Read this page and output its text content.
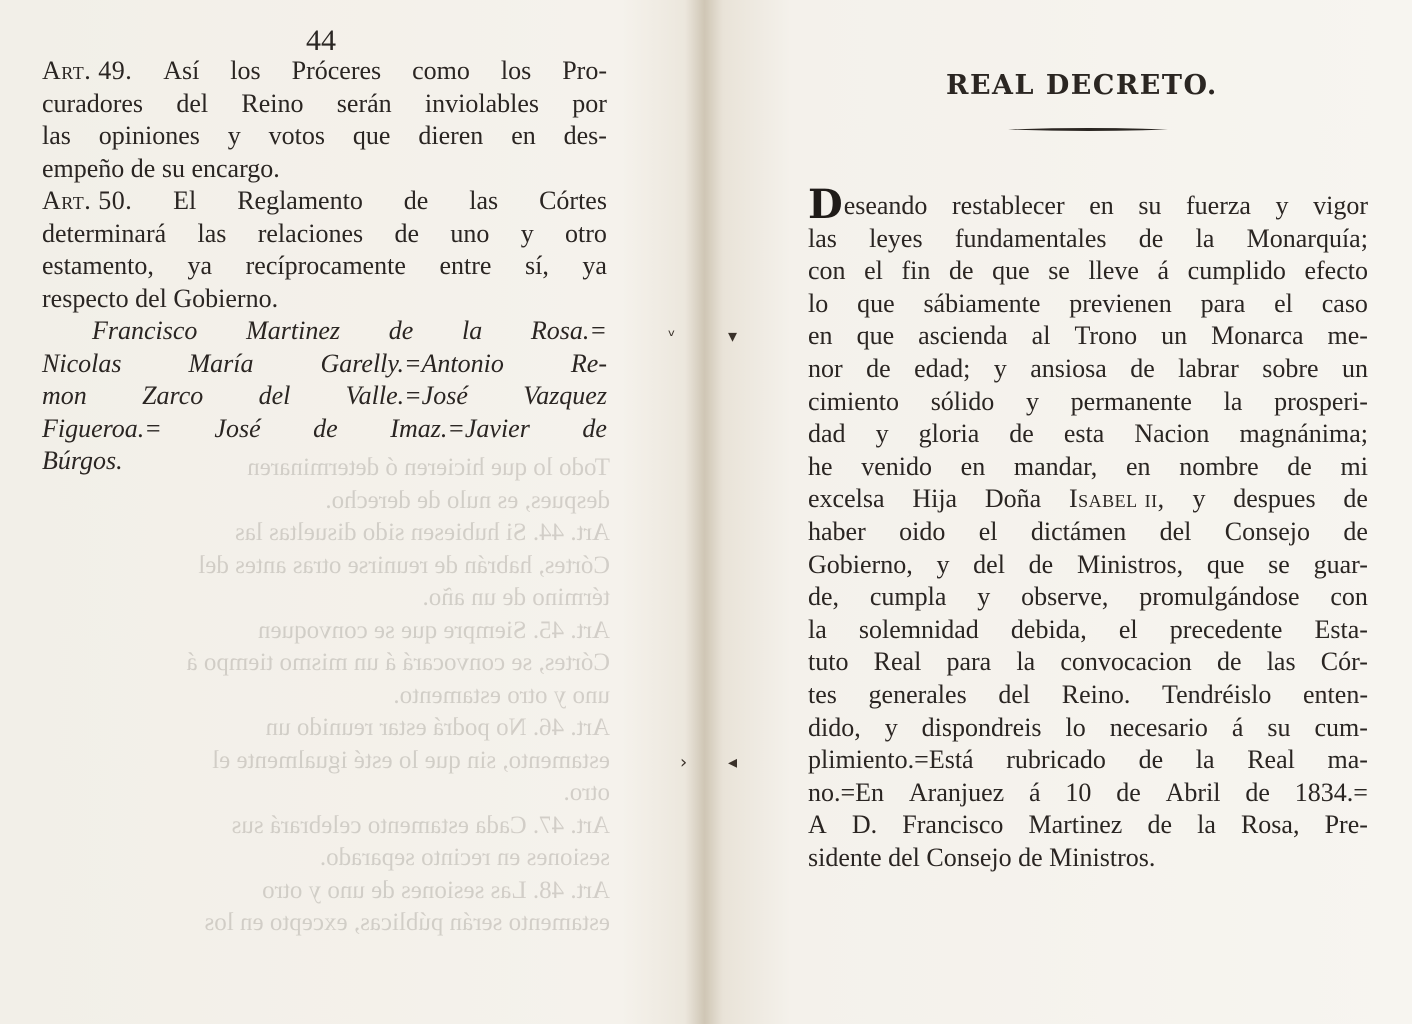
Todo lo que hicieren ó determinaren
despues, es nulo de derecho.
Art. 44. Si hubiesen sido disueltas las
Córtes, habrán de reunirse otras antes del
término de un año.
Art. 45. Siempre que se convoquen
Córtes, se convocará á un mismo tiempo á
uno y otro estamento.
Art. 46. No podrá estar reunido un
estamento, sin que lo esté igualmente el
otro.
Art. 47. Cada estamento celebrará sus
sesiones en recinto separado.
Art. 48. Las sesiones de uno y otro
estamento serán públicas, excepto en los
44
Art. 49. Así los Próceres como los Pro-
curadores del Reino serán inviolables por
las opiniones y votos que dieren en des-
empeño de su encargo.
Art. 50. El Reglamento de las Córtes
determinará las relaciones de uno y otro
estamento, ya recíprocamente entre sí, ya
respecto del Gobierno.
Francisco Martinez de la Rosa.=
Nicolas	María	Garelly.=Antonio	Re-
mon Zarco del Valle.=José Vazquez
Figueroa.= José de Imaz.=Javier de
Búrgos.
REAL DECRETO.
Deseando restablecer en su fuerza y vigor
las leyes fundamentales de la Monarquía;
con el fin de que se lleve á cumplido efecto
lo que sábiamente previenen para el caso
en que ascienda al Trono un Monarca me-
nor de edad; y ansiosa de labrar sobre un
cimiento sólido y permanente la prosperi-
dad y gloria de esta Nacion magnánima;
he venido en mandar, en nombre de mi
excelsa Hija Doña Isabel ii, y despues de
haber oido el dictámen del Consejo de
Gobierno, y del de Ministros, que se guar-
de, cumpla y observe, promulgándose con
la solemnidad debida, el precedente Esta-
tuto Real para la convocacion de las Cór-
tes generales del Reino. Tendréislo enten-
dido, y dispondreis lo necesario á su cum-
plimiento.=Está rubricado de la Real ma-
no.=En Aranjuez á 10 de Abril de 1834.=
A D. Francisco Martinez de la Rosa, Pre-
sidente del Consejo de Ministros.
ᵛ	▾
› ◂
